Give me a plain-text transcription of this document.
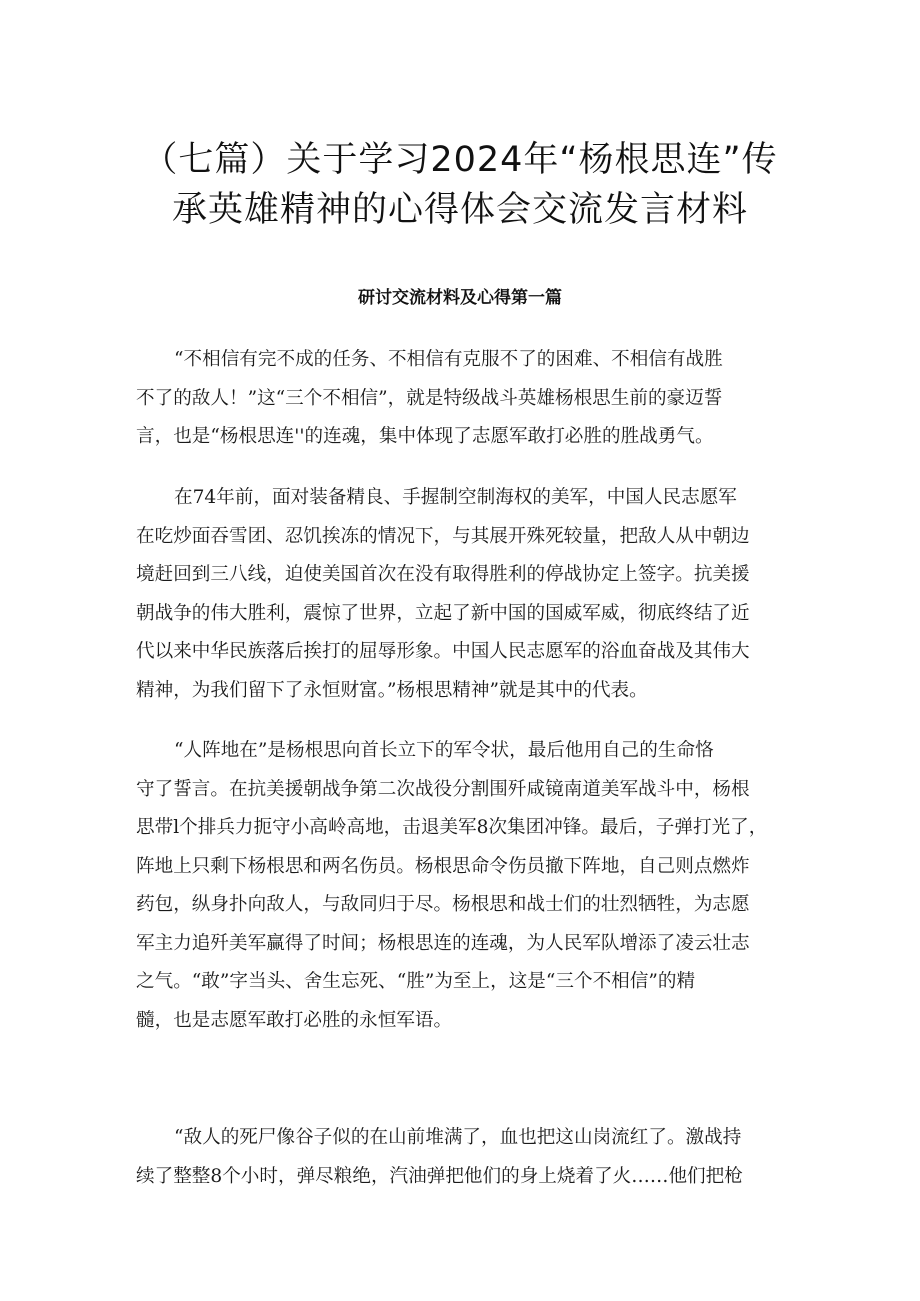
（七篇）关于学习2024年“杨根思连”传
承英雄精神的心得体会交流发言材料
研讨交流材料及心得第一篇
“不相信有完不成的任务、不相信有克服不了的困难、不相信有战胜
不了的敌人！”这“三个不相信”，就是特级战斗英雄杨根思生前的豪迈誓
言，也是“杨根思连''的连魂，集中体现了志愿军敢打必胜的胜战勇气。
在74年前，面对装备精良、手握制空制海权的美军，中国人民志愿军
在吃炒面吞雪团、忍饥挨冻的情况下，与其展开殊死较量，把敌人从中朝边
境赶回到三八线，迫使美国首次在没有取得胜利的停战协定上签字。抗美援
朝战争的伟大胜利，震惊了世界，立起了新中国的国威军威，彻底终结了近
代以来中华民族落后挨打的屈辱形象。中国人民志愿军的浴血奋战及其伟大
精神，为我们留下了永恒财富。”杨根思精神”就是其中的代表。
“人阵地在”是杨根思向首长立下的军令状，最后他用自己的生命恪
守了誓言。在抗美援朝战争第二次战役分割围歼咸镜南道美军战斗中，杨根
思带l个排兵力扼守小高岭高地，击退美军8次集团冲锋。最后，子弹打光了，
阵地上只剩下杨根思和两名伤员。杨根思命令伤员撤下阵地，自己则点燃炸
药包，纵身扑向敌人，与敌同归于尽。杨根思和战士们的壮烈牺牲，为志愿
军主力追歼美军赢得了时间；杨根思连的连魂，为人民军队增添了凌云壮志
之气。“敢”字当头、舍生忘死、“胜”为至上，这是“三个不相信”的精
髓，也是志愿军敢打必胜的永恒军语。
“敌人的死尸像谷子似的在山前堆满了，血也把这山岗流红了。激战持
续了整整8个小时，弹尽粮绝，汽油弹把他们的身上烧着了火……他们把枪
